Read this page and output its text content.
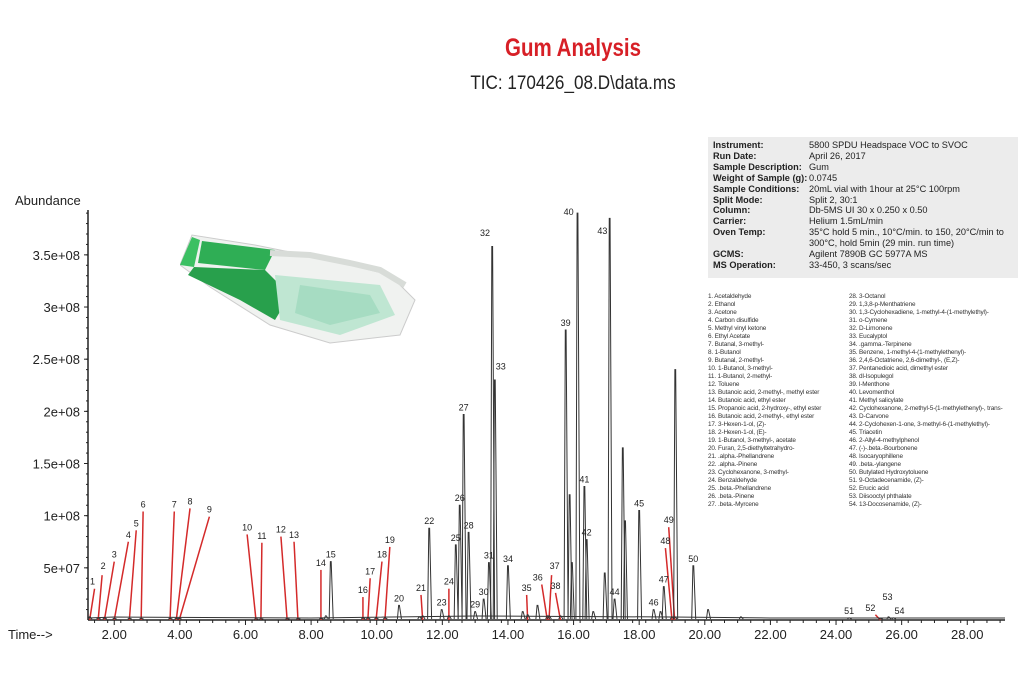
Gum Analysis
TIC: 170426_08.D\data.ms
Abundance
Time-->
5e+07
1e+08
1.5e+08
2e+08
2.5e+08
3e+08
3.5e+08
2.00	4.00	6.00	8.00	10.00	12.00	14.00	16.00	18.00	20.00	22.00	24.00	26.00	28.00
1
2
3
4
5
6	7 8
9
10
11
12
13
14
15
16
17
18
19
20
21
22
23
24
25
26
27
28
29
30
31
32
33
34
35
36
37
38
39
40
41
42
43
44
45
46
47
48
49
50
51 52
53
54
Instrument:	5800 SPDU Headspace VOC to SVOC
Run Date:	April 26, 2017
Sample Description:	Gum
Weight of Sample (g):	0.0745
Sample Conditions:	20mL vial with 1hour at 25°C 100rpm
Split Mode:	Split 2, 30:1
Column:	Db-5MS UI 30 x 0.250 x 0.50
Carrier:	Helium 1.5mL/min
Oven Temp:	35°C hold 5 min., 10°C/min. to 150, 20°C/min to 300°C, hold 5min (29 min. run time)
GCMS:	Agilent 7890B GC 5977A MS
MS Operation:	33-450, 3 scans/sec
1. Acetaldehyde
2. Ethanol
3. Acetone
4. Carbon disulfide
5. Methyl vinyl ketone
6. Ethyl Acetate
7. Butanal, 3-methyl-
8. 1-Butanol
9. Butanal, 2-methyl-
10. 1-Butanol, 3-methyl-
11. 1-Butanol, 2-methyl-
12. Toluene
13. Butanoic acid, 2-methyl-, methyl ester
14. Butanoic acid, ethyl ester
15. Propanoic acid, 2-hydroxy-, ethyl ester
16. Butanoic acid, 2-methyl-, ethyl ester
17. 3-Hexen-1-ol, (Z)-
18. 2-Hexen-1-ol, (E)-
19. 1-Butanol, 3-methyl-, acetate
20. Furan, 2,5-diethyltetrahydro-
21. .alpha.-Phellandrene
22. .alpha.-Pinene
23. Cyclohexanone, 3-methyl-
24. Benzaldehyde
25. .beta.-Phellandrene
26. .beta.-Pinene
27. .beta.-Myrcene
28. 3-Octanol
29. 1,3,8-p-Menthatriene
30. 1,3-Cyclohexadiene, 1-methyl-4-(1-methylethyl)-
31. o-Cymene
32. D-Limonene
33. Eucalyptol
34. .gamma.-Terpinene
35. Benzene, 1-methyl-4-(1-methylethenyl)-
36. 2,4,6-Octatriene, 2,6-dimethyl-, (E,Z)-
37. Pentanedioic acid, dimethyl ester
38. dl-Isopulegol
39. l-Menthone
40. Levomenthol
41. Methyl salicylate
42. Cyclohexanone, 2-methyl-5-(1-methylethenyl)-, trans-
43. D-Carvone
44. 2-Cyclohexen-1-one, 3-methyl-6-(1-methylethyl)-
45. Triacetin
46. 2-Allyl-4-methylphenol
47. (-)-.beta.-Bourbonene
48. Isocaryophillene
49. .beta.-ylangene
50. Butylated Hydroxytoluene
51. 9-Octadecenamide, (Z)-
52. Erucic acid
53. Diisooctyl phthalate
54. 13-Docosenamide, (Z)-
